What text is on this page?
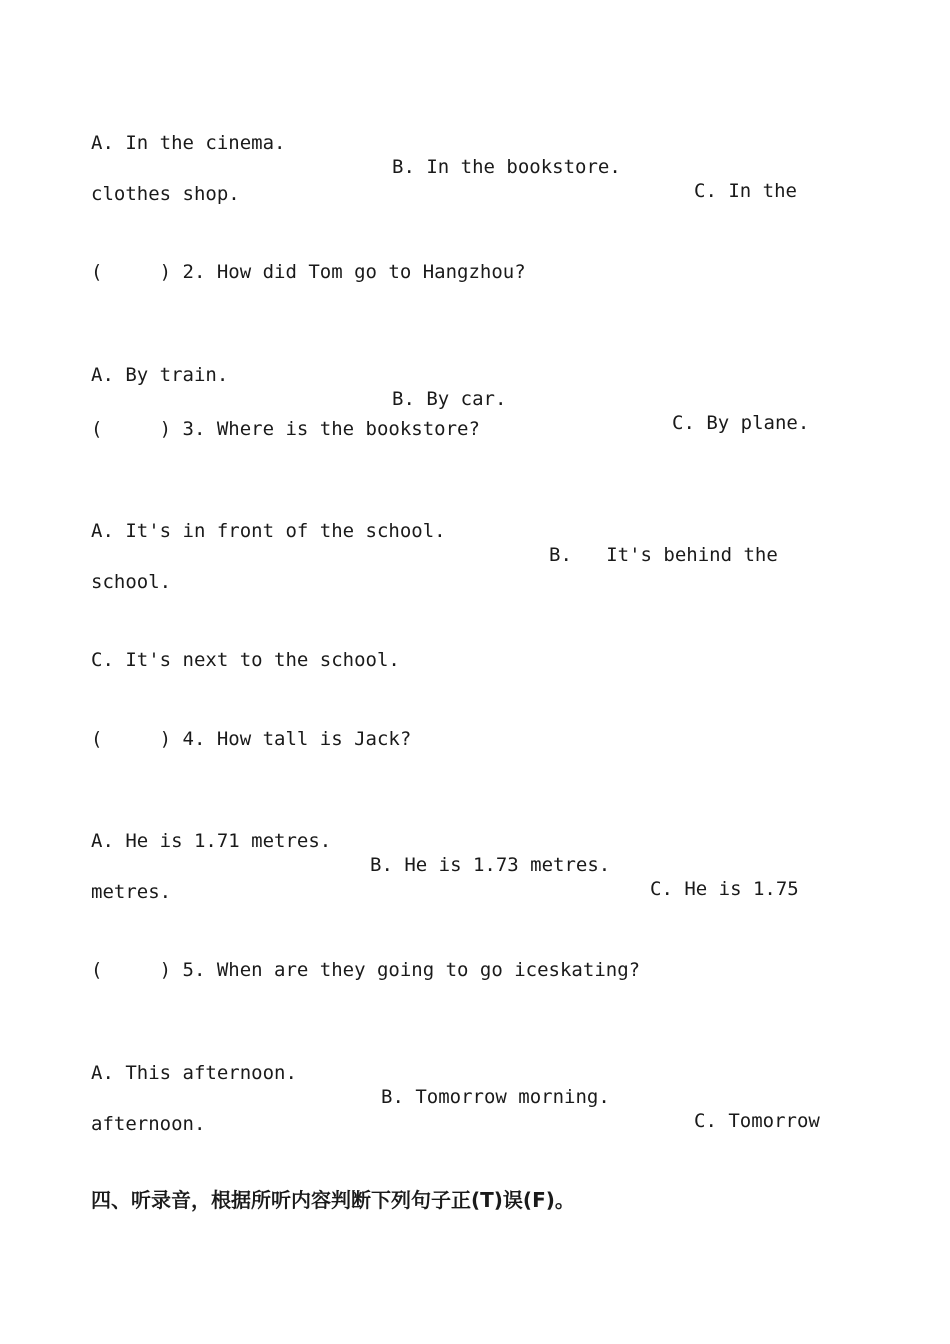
A. In the cinema.

B. In the bookstore.

C. In the

clothes shop.
(     ) 2. How did Tom go to Hangzhou?

A. By train.

B. By car.

C. By plane.

(     ) 3. Where is the bookstore?

A. It's in front of the school.

B.   It's behind the

school.
C. It's next to the school.
(     ) 4. How tall is Jack?

A. He is 1.71 metres.

B. He is 1.73 metres.

C. He is 1.75

metres.
(     ) 5. When are they going to go iceskating?

A. This afternoon.

B. Tomorrow morning.

C. Tomorrow

afternoon.
四、听录音，根据所听内容判断下列句子正(T)误(F)。
